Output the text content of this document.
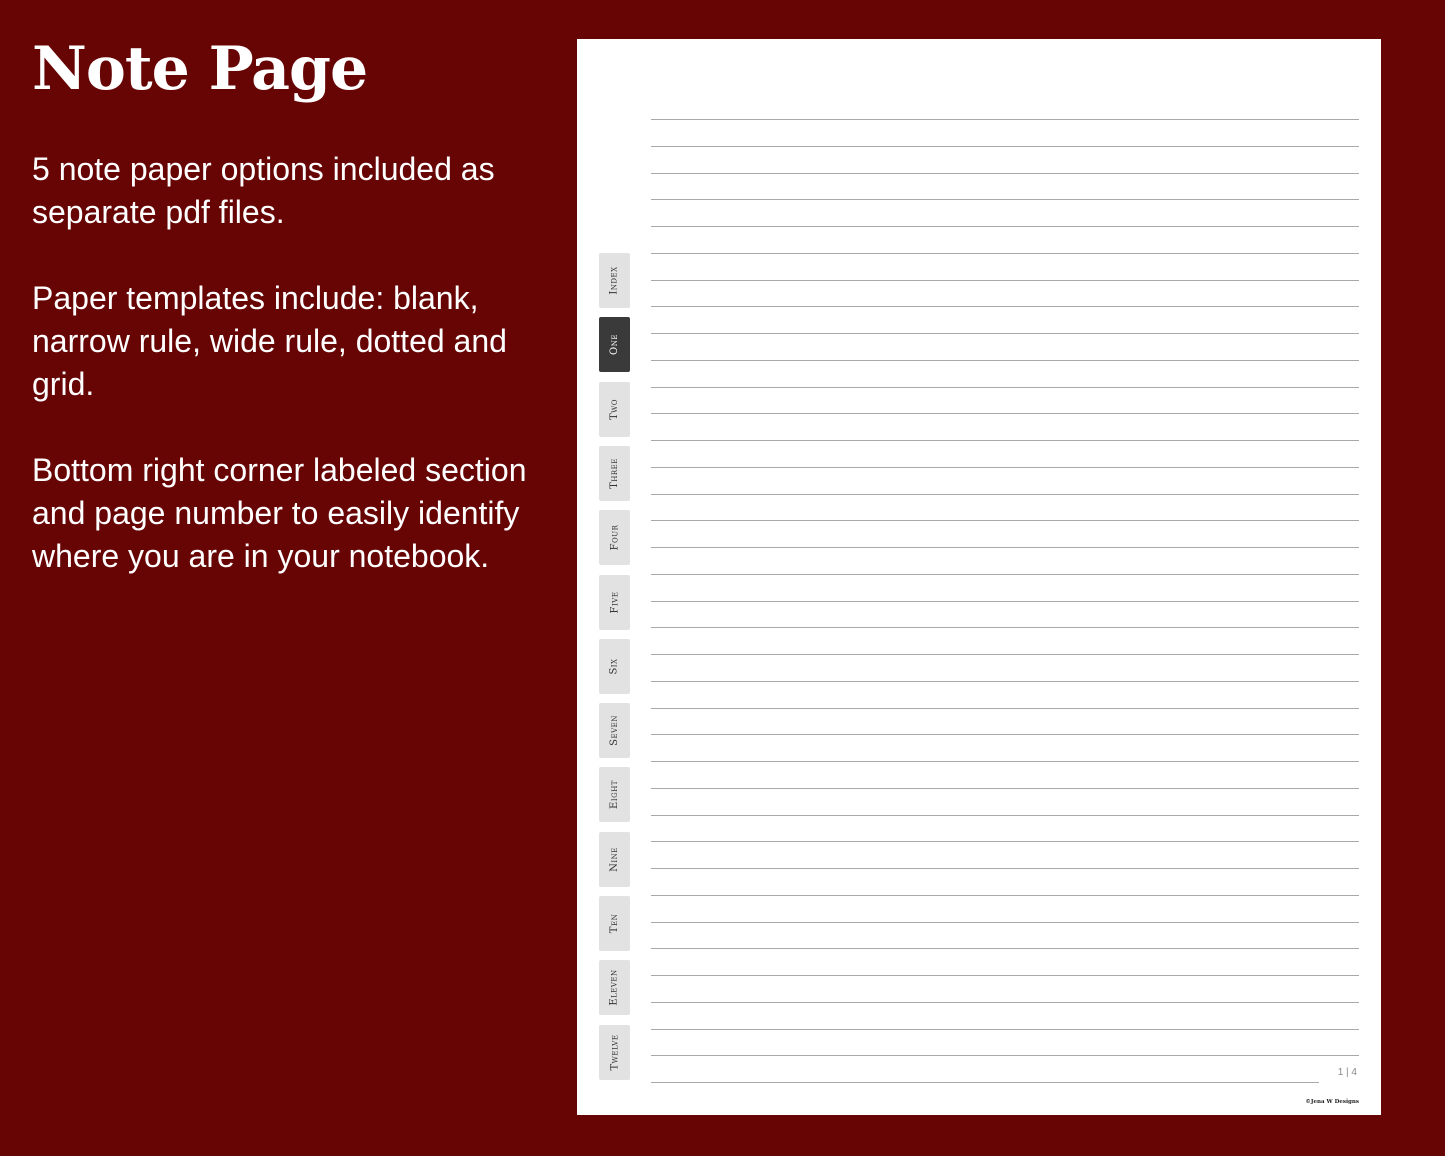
Note Page

5 note paper options included as separate pdf files.

Paper templates include: blank, narrow rule, wide rule, dotted and grid.

Bottom right corner labeled section and page number to easily identify where you are in your notebook.

Index
One
Two
Three
Four
Five
Six
Seven
Eight
Nine
Ten
Eleven
Twelve
1 | 4
©Jena W Designs
